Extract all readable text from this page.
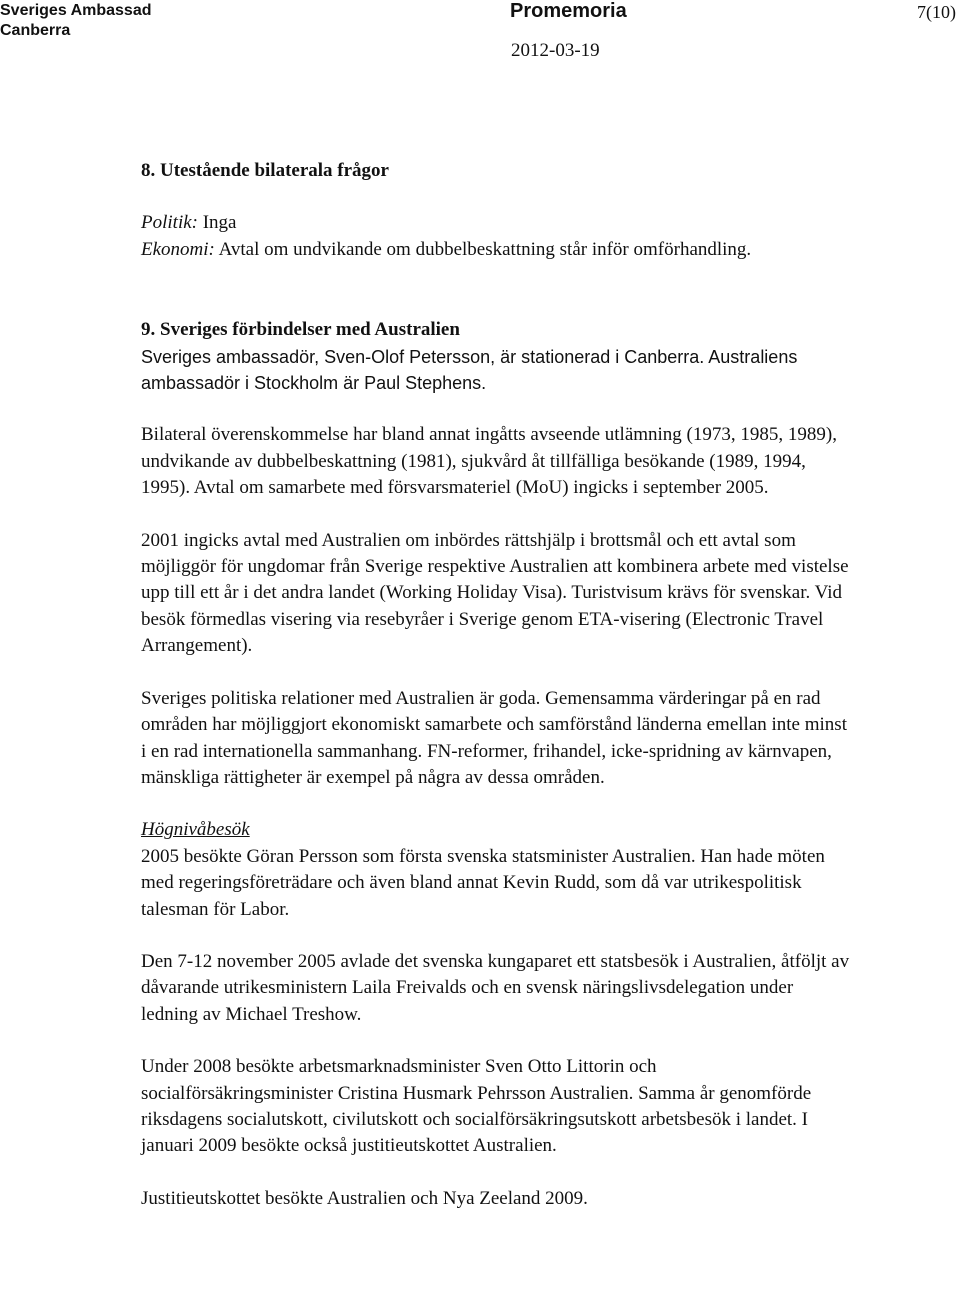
Sveriges Ambassad
Canberra
Promemoria	7(10)
2012-03-19

8. Utestående bilaterala frågor

Politik: Inga

Ekonomi: Avtal om undvikande om dubbelbeskattning står inför omförhandling.

9. Sveriges förbindelser med Australien

Sveriges ambassadör, Sven-Olof Petersson, är stationerad i Canberra. Australiens ambassadör i Stockholm är Paul Stephens.

Bilateral överenskommelse har bland annat ingåtts avseende utlämning (1973, 1985, 1989), undvikande av dubbelbeskattning (1981), sjukvård åt tillfälliga besökande (1989, 1994, 1995). Avtal om samarbete med försvarsmateriel (MoU) ingicks i september 2005.

2001 ingicks avtal med Australien om inbördes rättshjälp i brottsmål och ett avtal som möjliggör för ungdomar från Sverige respektive Australien att kombinera arbete med vistelse upp till ett år i det andra landet (Working Holiday Visa). Turistvisum krävs för svenskar. Vid besök förmedlas visering via resebyråer i Sverige genom ETA-visering (Electronic Travel Arrangement).

Sveriges politiska relationer med Australien är goda. Gemensamma värderingar på en rad områden har möjliggjort ekonomiskt samarbete och samförstånd länderna emellan inte minst i en rad internationella sammanhang. FN-reformer, frihandel, icke-spridning av kärnvapen, mänskliga rättigheter är exempel på några av dessa områden.

Högnivåbesök

2005 besökte Göran Persson som första svenska statsminister Australien. Han hade möten med regeringsföreträdare och även bland annat Kevin Rudd, som då var utrikespolitisk talesman för Labor.

Den 7-12 november 2005 avlade det svenska kungaparet ett statsbesök i Australien, åtföljt av dåvarande utrikesministern Laila Freivalds och en svensk näringslivsdelegation under ledning av Michael Treshow.

Under 2008 besökte arbetsmarknadsminister Sven Otto Littorin och socialförsäkringsminister Cristina Husmark Pehrsson Australien. Samma år genomförde riksdagens socialutskott, civilutskott och socialförsäkringsutskott arbetsbesök i landet. I januari 2009 besökte också justitieutskottet Australien.

Justitieutskottet besökte Australien och Nya Zeeland 2009.
